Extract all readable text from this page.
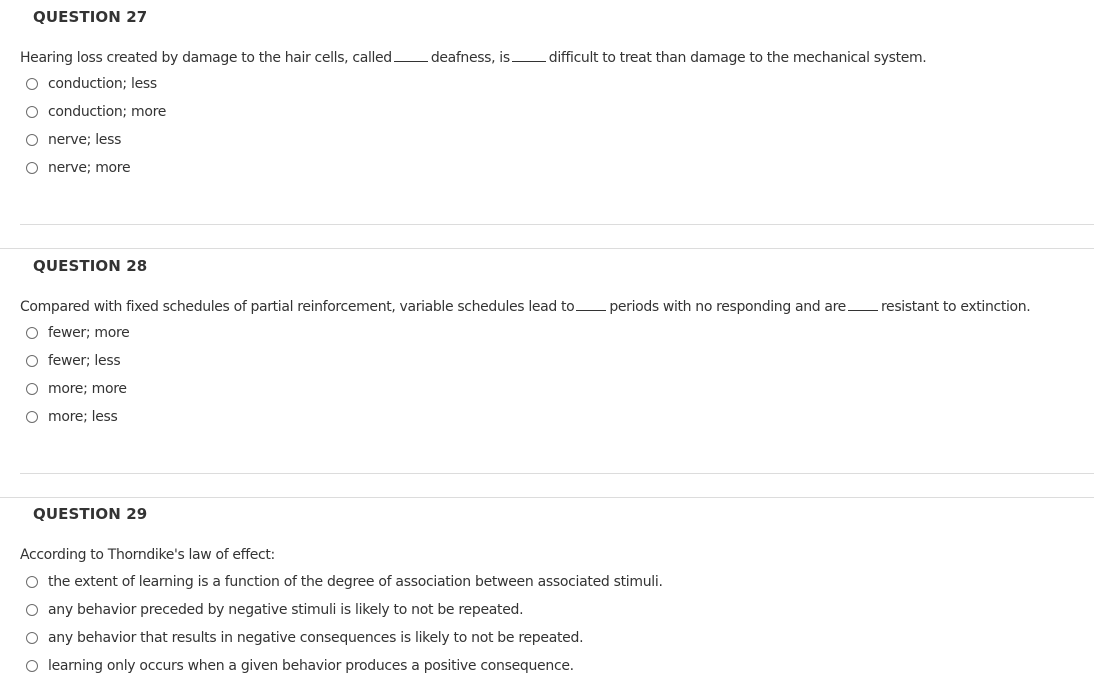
QUESTION 27
Hearing loss created by damage to the hair cells, called	deafness, is	difficult to treat than damage to the mechanical system.
conduction; less
conduction; more
nerve; less
nerve; more
QUESTION 28
Compared with fixed schedules of partial reinforcement, variable schedules lead to	periods with no responding and are	resistant to extinction.
fewer; more
fewer; less
more; more
more; less
QUESTION 29
According to Thorndike's law of effect:
the extent of learning is a function of the degree of association between associated stimuli.
any behavior preceded by negative stimuli is likely to not be repeated.
any behavior that results in negative consequences is likely to not be repeated.
learning only occurs when a given behavior produces a positive consequence.
